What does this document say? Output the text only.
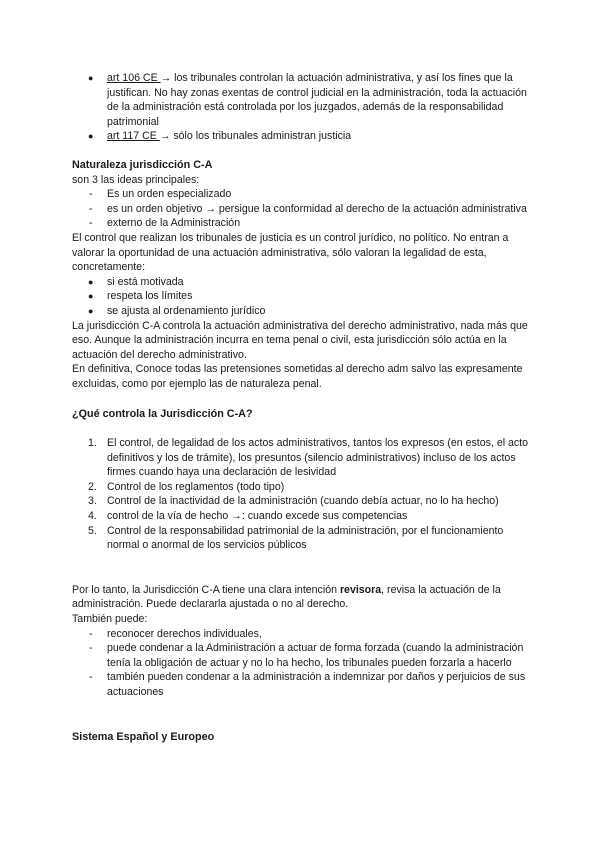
● art 106 CE → los tribunales controlan la actuación administrativa, y así los fines que la justifican. No hay zonas exentas de control judicial en la administración, toda la actuación de la administración está controlada por los juzgados, además de la responsabilidad patrimonial
● art 117 CE → sólo los tribunales administran justicia
Naturaleza jurisdicción C-A

son 3 las ideas principales:

- Es un orden especializado
- es un orden objetivo → persigue la conformidad al derecho de la actuación administrativa
- externo de la Administración

El control que realizan los tribunales de justicia es un control jurídico, no político. No entran a valorar la oportunidad de una actuación administrativa, sólo valoran la legalidad de esta, concretamente:

● si está motivada
● respeta los límites
● se ajusta al ordenamiento jurídico

La jurisdicción C-A controla la actuación administrativa del derecho administrativo, nada más que eso. Aunque la administración incurra en tema penal o civil, esta jurisdicción sólo actúa en la actuación del derecho administrativo.

En definitiva, Conoce todas las pretensiones sometidas al derecho adm salvo las expresamente excluidas, como por ejemplo las de naturaleza penal.

¿Qué controla la Jurisdicción C-A?
1. El control, de legalidad de los actos administrativos, tantos los expresos (en estos, el acto definitivos y los de trámite), los presuntos (silencio administrativos) incluso de los actos firmes cuando haya una declaración de lesividad
2. Control de los reglamentos (todo tipo)
3. Control de la inactividad de la administración (cuando debía actuar, no lo ha hecho)
4. control de la vía de hecho →: cuando excede sus competencias
5. Control de la responsabilidad patrimonial de la administración, por el funcionamiento normal o anormal de los servicios públicos

Por lo tanto, la Jurisdicción C-A tiene una clara intención revisora, revisa la actuación de la administración. Puede declararla ajustada o no al derecho.

También puede:

- reconocer derechos individuales,
- puede condenar a la Administración a actuar de forma forzada (cuando la administración tenía la obligación de actuar y no lo ha hecho, los tribunales pueden forzarla a hacerlo
- también pueden condenar a la administración a indemnizar por daños y perjuicios de sus actuaciones
Sistema Español y Europeo
